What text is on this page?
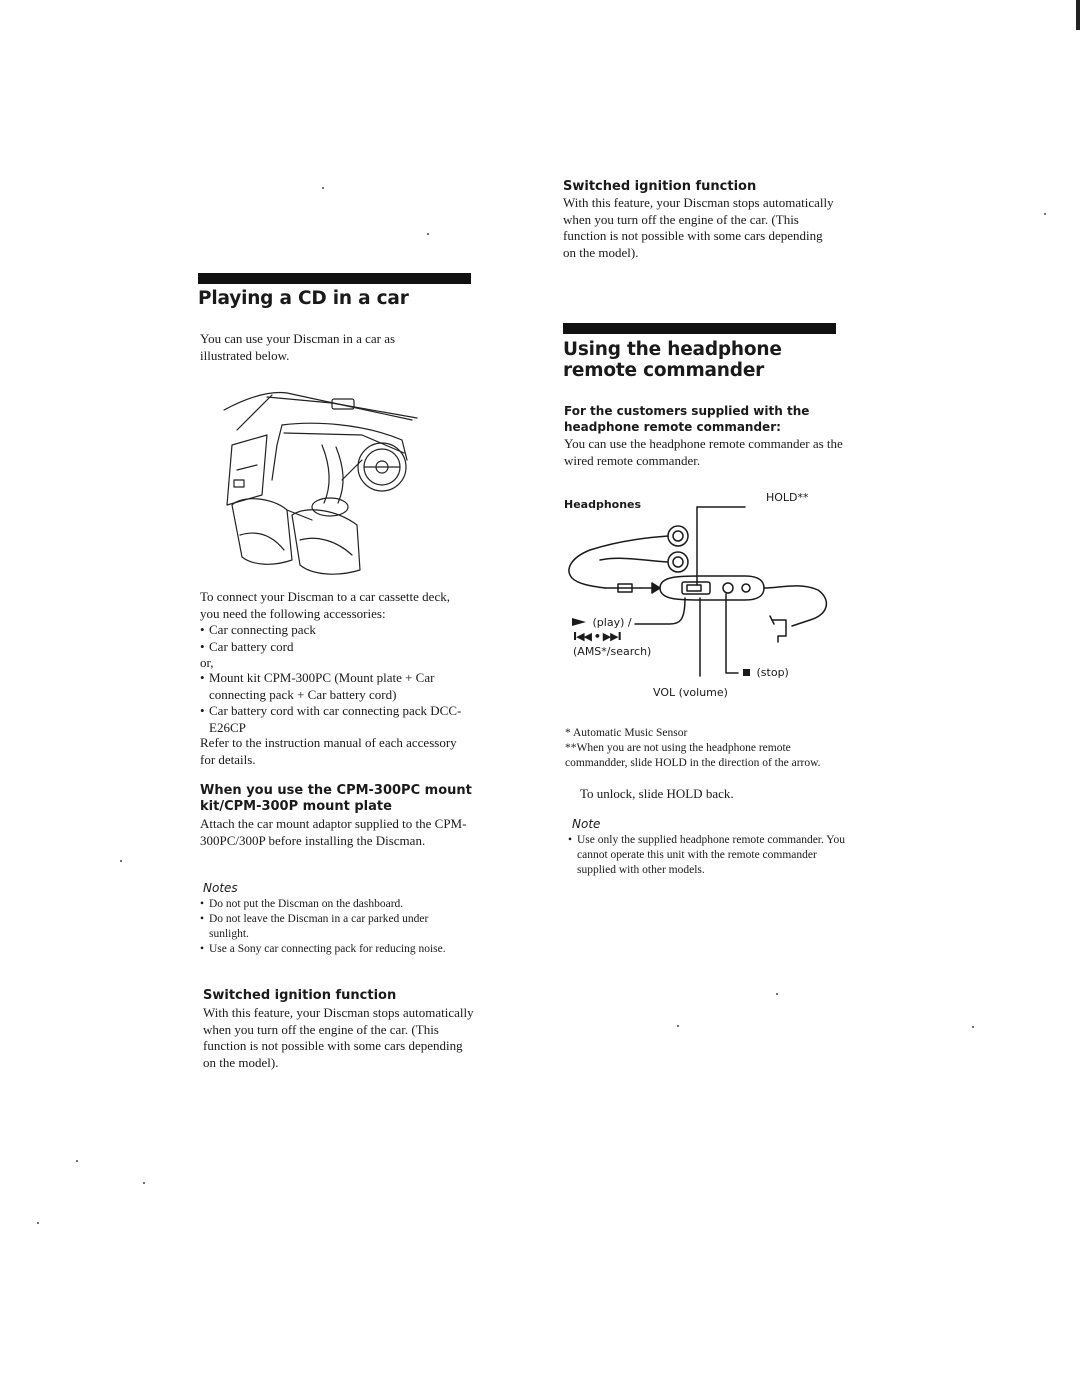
Playing a CD in a car
You can use your Discman in a car as illustrated below.
To connect your Discman to a car cassette deck, you need the following accessories:
• Car connecting pack
• Car battery cord
or,
• Mount kit CPM-300PC (Mount plate + Car connecting pack + Car battery cord)
• Car battery cord with car connecting pack DCC-E26CP
Refer to the instruction manual of each accessory for details.
When you use the CPM-300PC mount kit/CPM-300P mount plate
Attach the car mount adaptor supplied to the CPM-300PC/300P before installing the Discman.
Notes
• Do not put the Discman on the dashboard.
• Do not leave the Discman in a car parked under sunlight.
• Use a Sony car connecting pack for reducing noise.
Switched ignition function
With this feature, your Discman stops automatically when you turn off the engine of the car. (This function is not possible with some cars depending on the model).
Switched ignition function
With this feature, your Discman stops automatically when you turn off the engine of the car. (This function is not possible with some cars depending on the model).
Using the headphone
remote commander
For the customers supplied with the headphone remote commander:
You can use the headphone remote commander as the wired remote commander.
Headphones
HOLD**
(play) /
I◀◀ • ▶▶I
(AMS*/search)
(stop)
VOL (volume)
* Automatic Music Sensor
**When you are not using the headphone remote commandder, slide HOLD in the direction of the arrow.
To unlock, slide HOLD back.
Note
• Use only the supplied headphone remote commander. You cannot operate this unit with the remote commander supplied with other models.
